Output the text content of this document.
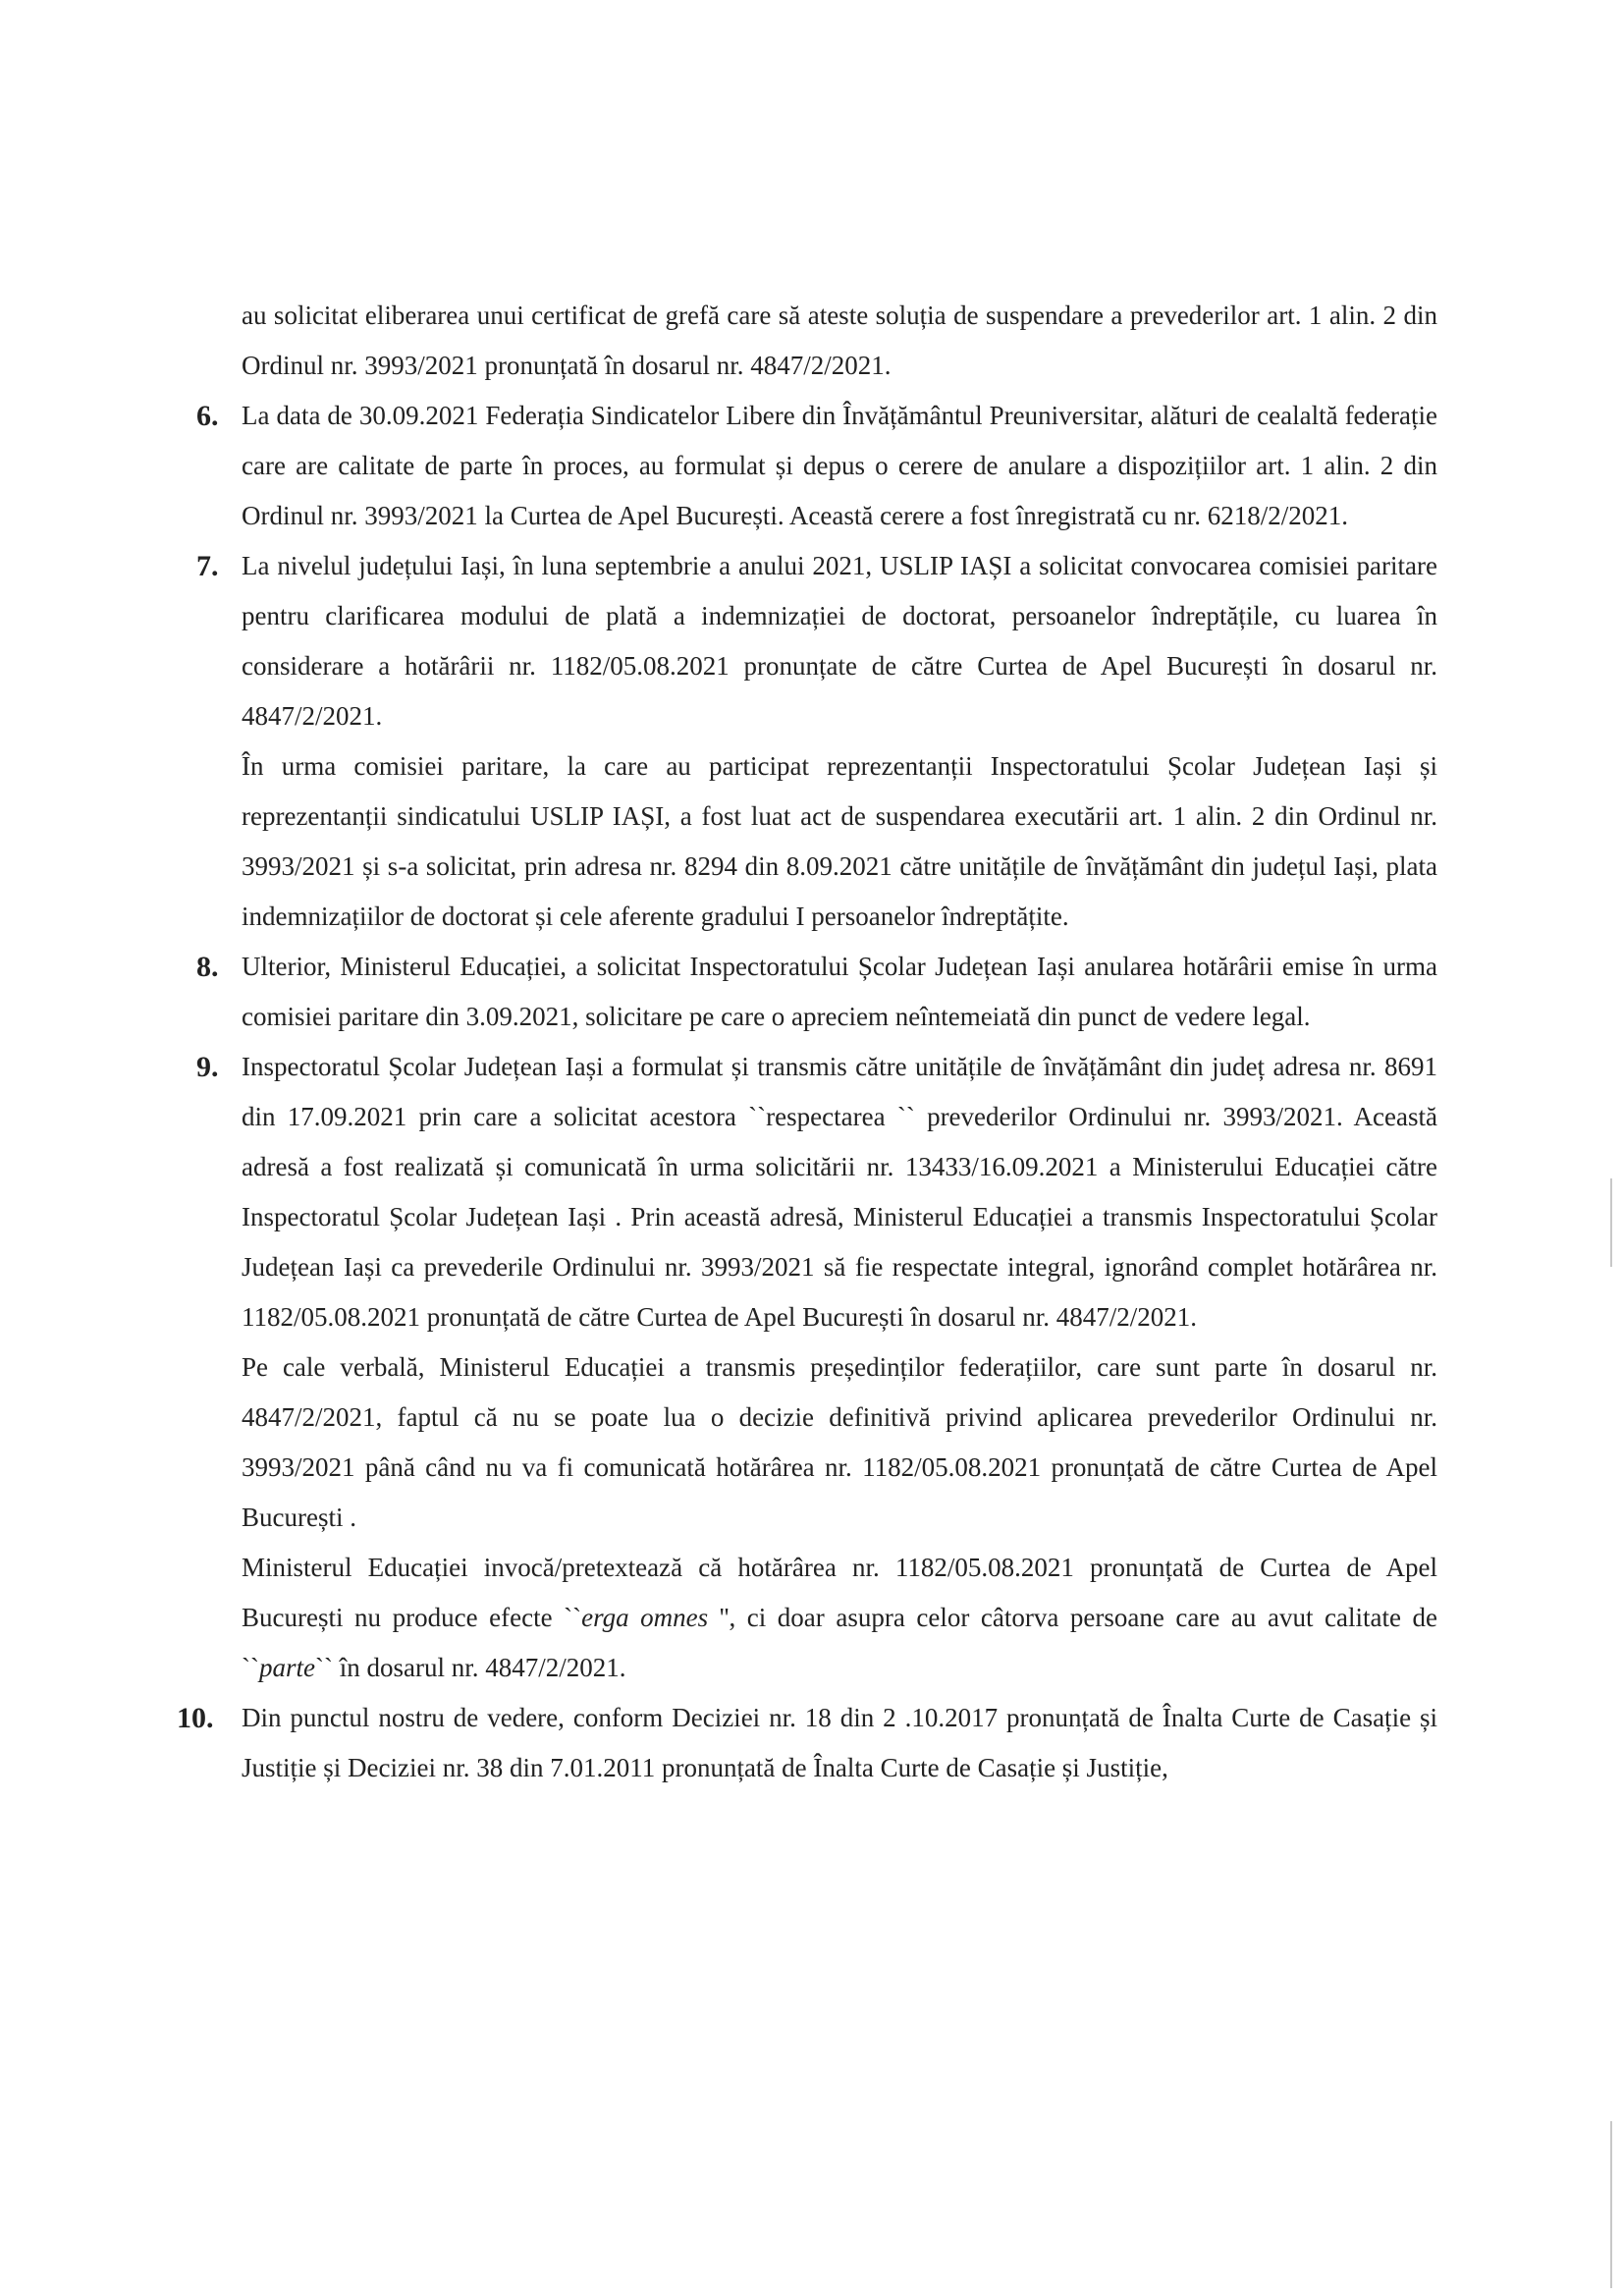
au solicitat eliberarea unui certificat de grefă care să ateste soluția de suspendare a prevederilor art. 1 alin. 2 din Ordinul nr. 3993/2021 pronunțată în dosarul nr. 4847/2/2021.

6. La data de 30.09.2021 Federația Sindicatelor Libere din Învățământul Preuniversitar, alături de cealaltă federație care are calitate de parte în proces, au formulat și depus o cerere de anulare a dispozițiilor art. 1 alin. 2 din Ordinul nr. 3993/2021 la Curtea de Apel București. Această cerere a fost înregistrată cu nr. 6218/2/2021.

7. La nivelul județului Iași, în luna septembrie a anului 2021, USLIP IAȘI a solicitat convocarea comisiei paritare pentru clarificarea modului de plată a indemnizației de doctorat, persoanelor îndreptățile, cu luarea în considerare a hotărârii nr. 1182/05.08.2021 pronunțate de către Curtea de Apel București în dosarul nr. 4847/2/2021.

În urma comisiei paritare, la care au participat reprezentanții Inspectoratului Școlar Județean Iași și reprezentanții sindicatului USLIP IAȘI, a fost luat act de suspendarea executării art. 1 alin. 2 din Ordinul nr. 3993/2021 și s-a solicitat, prin adresa nr. 8294 din 8.09.2021 către unitățile de învățământ din județul Iași, plata indemnizațiilor de doctorat și cele aferente gradului I persoanelor îndreptățite.

8. Ulterior, Ministerul Educației, a solicitat Inspectoratului Școlar Județean Iași anularea hotărârii emise în urma comisiei paritare din 3.09.2021, solicitare pe care o apreciem neîntemeiată din punct de vedere legal.

9. Inspectoratul Școlar Județean Iași a formulat și transmis către unitățile de învățământ din județ adresa nr. 8691 din 17.09.2021 prin care a solicitat acestora ``respectarea `` prevederilor Ordinului nr. 3993/2021. Această adresă a fost realizată și comunicată în urma solicitării nr. 13433/16.09.2021 a Ministerului Educației către Inspectoratul Școlar Județean Iași . Prin această adresă, Ministerul Educației a transmis Inspectoratului Școlar Județean Iași ca prevederile Ordinului nr. 3993/2021 să fie respectate integral, ignorând complet hotărârea nr. 1182/05.08.2021 pronunțată de către Curtea de Apel București în dosarul nr. 4847/2/2021.

Pe cale verbală, Ministerul Educației a transmis președinților federațiilor, care sunt parte în dosarul nr. 4847/2/2021, faptul că nu se poate lua o decizie definitivă privind aplicarea prevederilor Ordinului nr. 3993/2021 până când nu va fi comunicată hotărârea nr. 1182/05.08.2021 pronunțată de către Curtea de Apel București .

Ministerul Educației invocă/pretextează că hotărârea nr. 1182/05.08.2021 pronunțată de Curtea de Apel București nu produce efecte ``erga omnes '', ci doar asupra celor câtorva persoane care au avut calitate de ``parte`` în dosarul nr. 4847/2/2021.

10. Din punctul nostru de vedere, conform Deciziei nr. 18 din 2 .10.2017 pronunțată de Înalta Curte de Casație și Justiție și Deciziei nr. 38 din 7.01.2011 pronunțată de Înalta Curte de Casație și Justiție,
